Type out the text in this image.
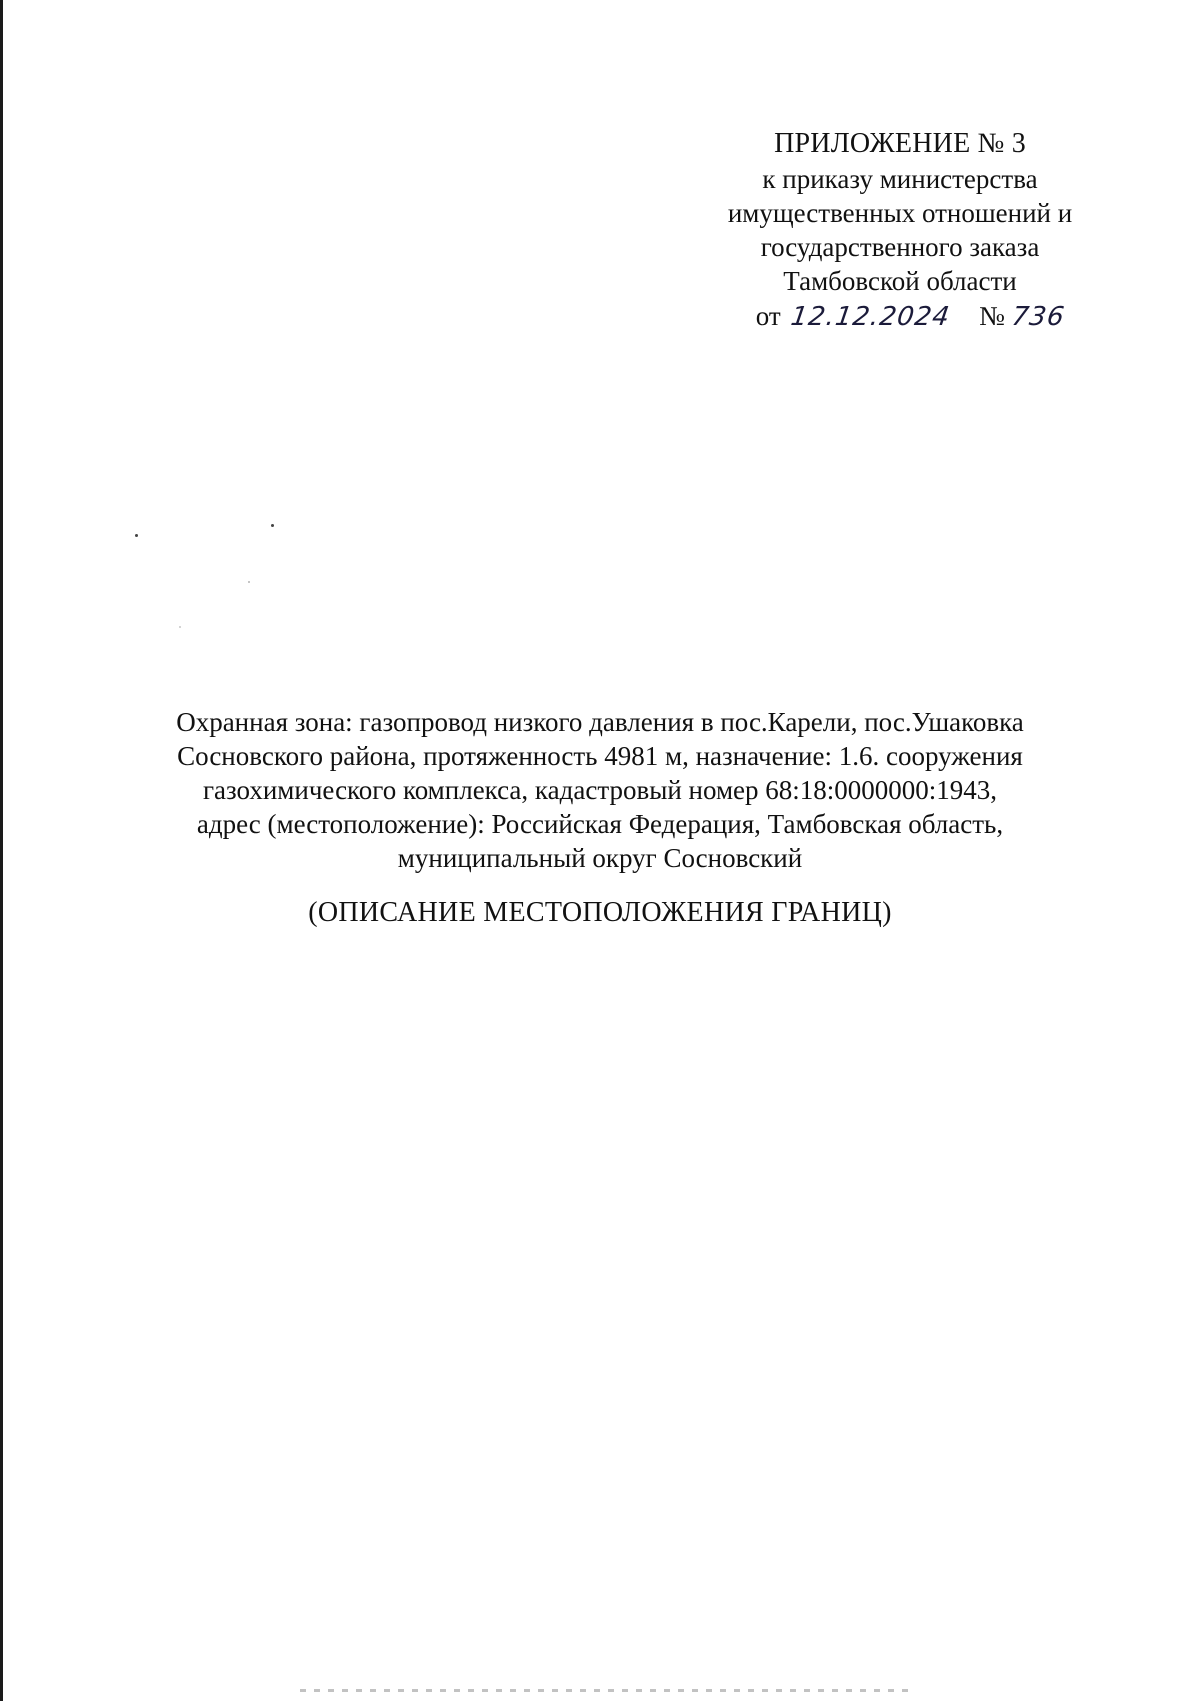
ПРИЛОЖЕНИЕ № 3

к приказу министерства

имущественных отношений и

государственного заказа

Тамбовской области

от 12.12.2024 № 736

Охранная зона: газопровод низкого давления в пос.Карели, пос.Ушаковка

Сосновского района, протяженность 4981 м, назначение: 1.6. сооружения

газохимического комплекса, кадастровый номер 68:18:0000000:1943,

адрес (местоположение): Российская Федерация, Тамбовская область,

муниципальный округ Сосновский

(ОПИСАНИЕ МЕСТОПОЛОЖЕНИЯ ГРАНИЦ)
